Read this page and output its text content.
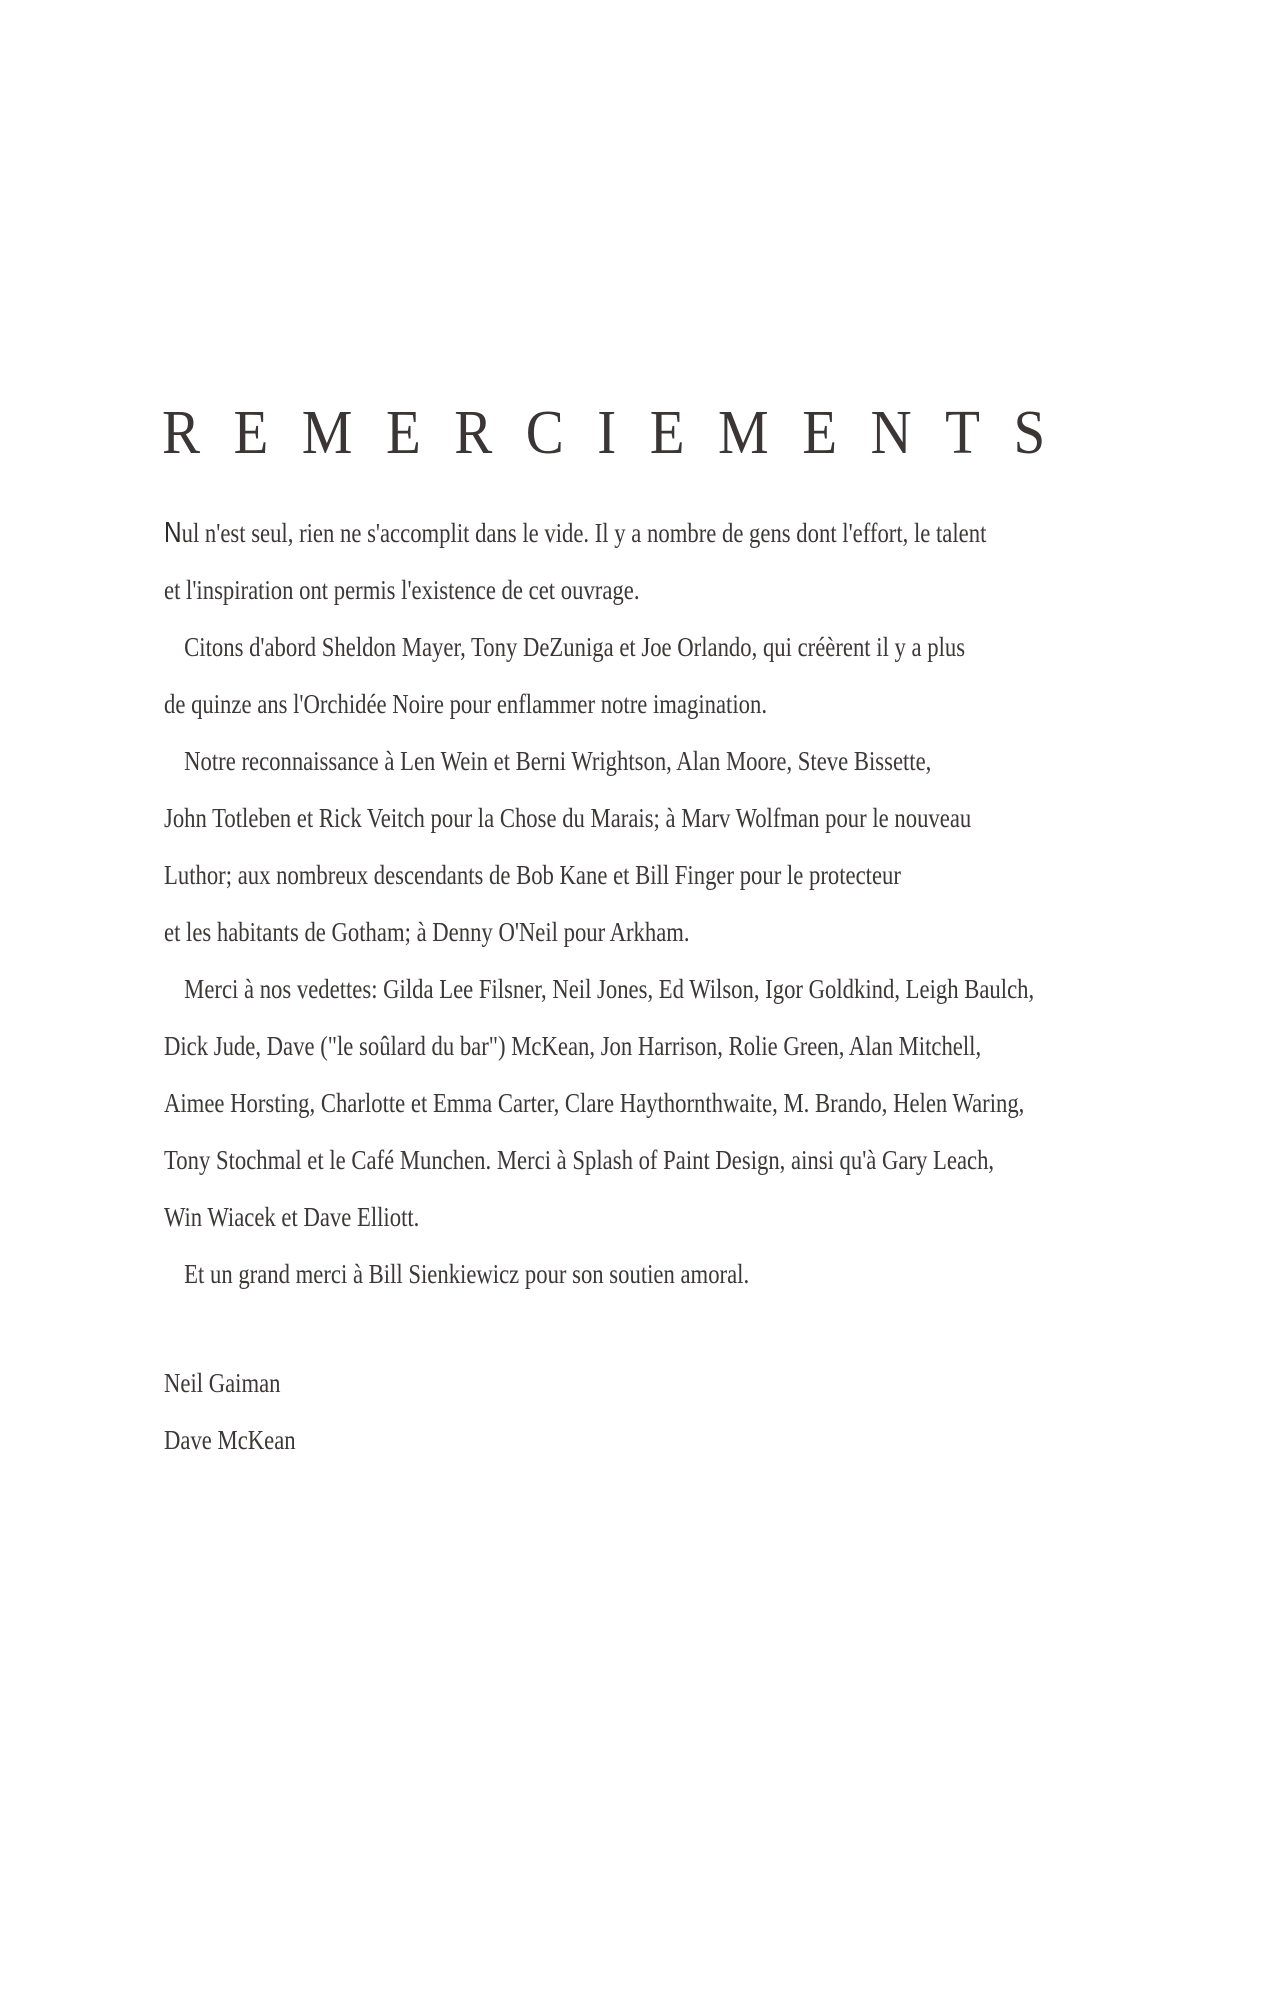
R E M E R C I E M E N T S
Nul n'est seul, rien ne s'accomplit dans le vide. Il y a nombre de gens dont l'effort, le talent
et l'inspiration ont permis l'existence de cet ouvrage.
Citons d'abord Sheldon Mayer, Tony DeZuniga et Joe Orlando, qui créèrent il y a plus
de quinze ans l'Orchidée Noire pour enflammer notre imagination.
Notre reconnaissance à Len Wein et Berni Wrightson, Alan Moore, Steve Bissette,
John Totleben et Rick Veitch pour la Chose du Marais; à Marv Wolfman pour le nouveau
Luthor; aux nombreux descendants de Bob Kane et Bill Finger pour le protecteur
et les habitants de Gotham; à Denny O'Neil pour Arkham.
Merci à nos vedettes: Gilda Lee Filsner, Neil Jones, Ed Wilson, Igor Goldkind, Leigh Baulch,
Dick Jude, Dave ("le soûlard du bar") McKean, Jon Harrison, Rolie Green, Alan Mitchell,
Aimee Horsting, Charlotte et Emma Carter, Clare Haythornthwaite, M. Brando, Helen Waring,
Tony Stochmal et le Café Munchen. Merci à Splash of Paint Design, ainsi qu'à Gary Leach,
Win Wiacek et Dave Elliott.
Et un grand merci à Bill Sienkiewicz pour son soutien amoral.
Neil Gaiman
Dave McKean
